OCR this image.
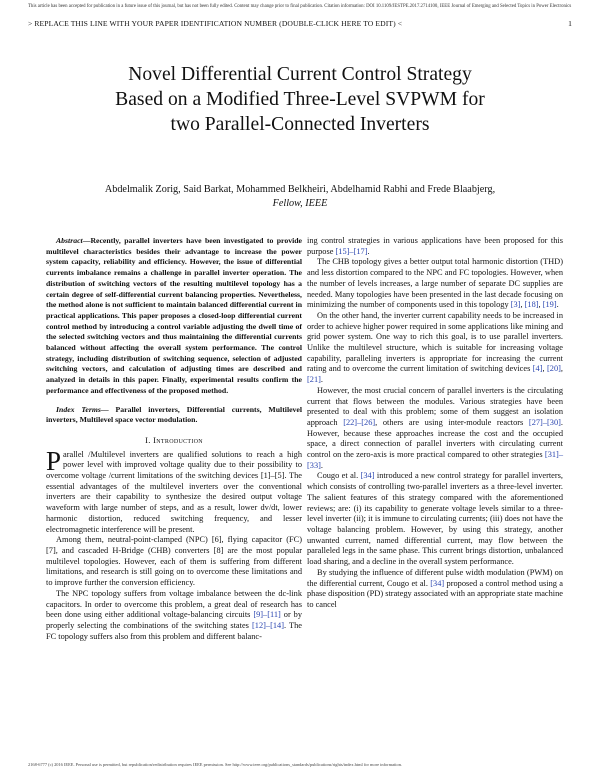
This article has been accepted for publication in a future issue of this journal, but has not been fully edited. Content may change prior to final publication. Citation information: DOI 10.1109/JESTPE.2017.2714100, IEEE Journal of Emerging and Selected Topics in Power Electronics
> REPLACE THIS LINE WITH YOUR PAPER IDENTIFICATION NUMBER (DOUBLE-CLICK HERE TO EDIT) <	1
Novel Differential Current Control Strategy
Based on a Modified Three-Level SVPWM for
two Parallel-Connected Inverters
Abdelmalik Zorig, Said Barkat, Mohammed Belkheiri, Abdelhamid Rabhi and Frede Blaabjerg,
Fellow, IEEE

Abstract—Recently, parallel inverters have been investigated to provide multilevel characteristics besides their advantage to increase the power system capacity, reliability and efficiency. However, the issue of differential currents imbalance remains a challenge in parallel inverter operation. The distribution of switching vectors of the resulting multilevel topology has a certain degree of self-differential current balancing properties. Nevertheless, the method alone is not sufficient to maintain balanced differential current in practical applications. This paper proposes a closed-loop differential current control method by introducing a control variable adjusting the dwell time of the selected switching vectors and thus maintaining the differential currents balanced without affecting the overall system performance. The control strategy, including distribution of switching sequence, selection of adjusted switching vectors, and calculation of adjusting times are described and analyzed in details in this paper. Finally, experimental results confirm the performance and effectiveness of the proposed method.

Index Terms— Parallel inverters, Differential currents, Multilevel inverters, Multilevel space vector modulation.

I. Introduction

Parallel /Multilevel inverters are qualified solutions to reach a high power level with improved voltage quality due to their possibility to overcome voltage /current limitations of the switching devices [1]–[5]. The essential advantages of the multilevel inverters over the conventional inverters are their capability to synthesize the desired output voltage waveform with large number of steps, and as a result, lower dv/dt, lower harmonic distortion, reduced switching frequency, and lesser electromagnetic interference will be present.

Among them, neutral-point-clamped (NPC) [6], flying capacitor (FC) [7], and cascaded H-Bridge (CHB) converters [8] are the most popular multilevel topologies. However, each of them is suffering from different limitations, and research is still going on to overcome these limitations and to improve further the conversion efficiency.

The NPC topology suffers from voltage imbalance between the dc-link capacitors. In order to overcome this problem, a great deal of research has been done using either additional voltage-balancing circuits [9]–[11] or by properly selecting the combinations of the switching states [12]–[14]. The FC topology suffers also from this problem and different balanc-

ing control strategies in various applications have been proposed for this purpose [15]–[17].

The CHB topology gives a better output total harmonic distortion (THD) and less distortion compared to the NPC and FC topologies. However, when the number of levels increases, a large number of separate DC supplies are needed. Many topologies have been presented in the last decade focusing on minimizing the number of components used in this topology [3], [18], [19].

On the other hand, the inverter current capability needs to be increased in order to achieve higher power required in some applications like mining and grid power system. One way to rich this goal, is to use parallel inverters. Unlike the multilevel structure, which is suitable for increasing voltage capability, paralleling inverters is appropriate for increasing the current rating and to overcome the current limitation of switching devices [4], [20], [21].

However, the most crucial concern of parallel inverters is the circulating current that flows between the modules. Various strategies have been presented to deal with this problem; some of them suggest an isolation approach [22]–[26], others are using inter-module reactors [27]–[30]. However, because these approaches increase the cost and the occupied space, a direct connection of parallel inverters with circulating current control on the zero-axis is more practical compared to other strategies [31]–[33].

Cougo et al. [34] introduced a new control strategy for parallel inverters, which consists of controlling two-parallel inverters as a three-level inverter. The salient features of this strategy compared with the aforementioned reviews; are: (i) its capability to generate voltage levels similar to a three-level inverter (ii); it is immune to circulating currents; (iii) does not have the voltage balancing problem. However, by using this strategy, another unwanted current, named differential current, may flow between the paralleled legs in the same phase. This current brings distortion, unbalanced load sharing, and a decline in the overall system performance.

By studying the influence of different pulse width modulation (PWM) on the differential current, Cougo et al. [34] proposed a control method using a phase disposition (PD) strategy associated with an appropriate state machine to cancel

2168-6777 (c) 2016 IEEE. Personal use is permitted, but republication/redistribution requires IEEE permission. See http://www.ieee.org/publications_standards/publications/rights/index.html for more information.
